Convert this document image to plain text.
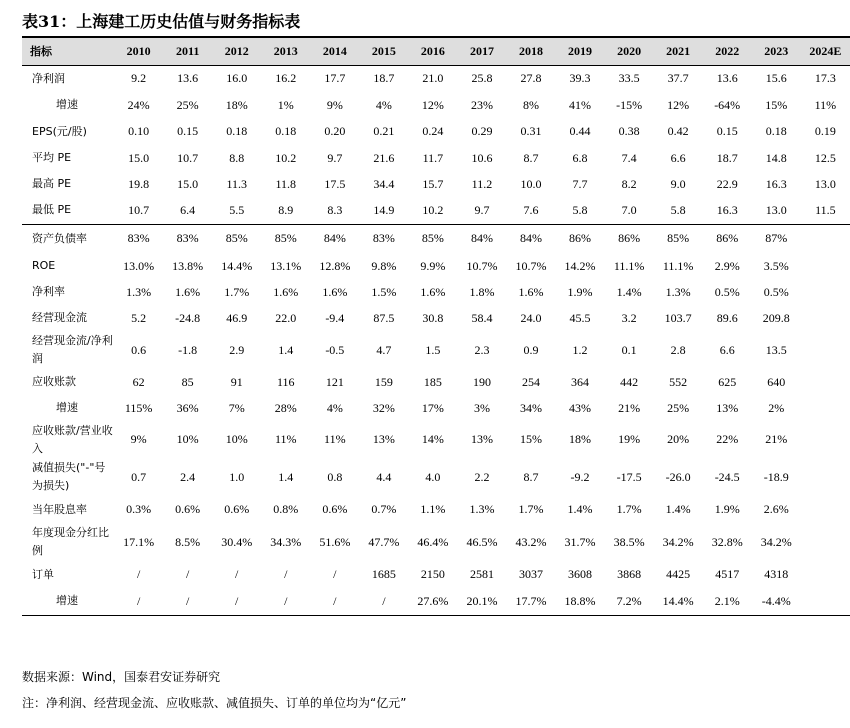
表31：上海建工历史估值与财务指标表
指标	2010	2011	2012	2013	2014	2015	2016	2017	2018	2019	2020	2021	2022	2023	2024E
净利润	9.2	13.6	16.0	16.2	17.7	18.7	21.0	25.8	27.8	39.3	33.5	37.7	13.6	15.6	17.3
增速	24%	25%	18%	1%	9%	4%	12%	23%	8%	41%	-15%	12%	-64%	15%	11%
EPS(元/股)	0.10	0.15	0.18	0.18	0.20	0.21	0.24	0.29	0.31	0.44	0.38	0.42	0.15	0.18	0.19
平均 PE	15.0	10.7	8.8	10.2	9.7	21.6	11.7	10.6	8.7	6.8	7.4	6.6	18.7	14.8	12.5
最高 PE	19.8	15.0	11.3	11.8	17.5	34.4	15.7	11.2	10.0	7.7	8.2	9.0	22.9	16.3	13.0
最低 PE	10.7	6.4	5.5	8.9	8.3	14.9	10.2	9.7	7.6	5.8	7.0	5.8	16.3	13.0	11.5
资产负债率	83%	83%	85%	85%	84%	83%	85%	84%	84%	86%	86%	85%	86%	87%	
ROE	13.0%	13.8%	14.4%	13.1%	12.8%	9.8%	9.9%	10.7%	10.7%	14.2%	11.1%	11.1%	2.9%	3.5%	
净利率	1.3%	1.6%	1.7%	1.6%	1.6%	1.5%	1.6%	1.8%	1.6%	1.9%	1.4%	1.3%	0.5%	0.5%	
经营现金流	5.2	-24.8	46.9	22.0	-9.4	87.5	30.8	58.4	24.0	45.5	3.2	103.7	89.6	209.8	
经营现金流/净利润	0.6	-1.8	2.9	1.4	-0.5	4.7	1.5	2.3	0.9	1.2	0.1	2.8	6.6	13.5	
应收账款	62	85	91	116	121	159	185	190	254	364	442	552	625	640	
增速	115%	36%	7%	28%	4%	32%	17%	3%	34%	43%	21%	25%	13%	2%	
应收账款/营业收入	9%	10%	10%	11%	11%	13%	14%	13%	15%	18%	19%	20%	22%	21%	
减值损失("-"号为损失)	0.7	2.4	1.0	1.4	0.8	4.4	4.0	2.2	8.7	-9.2	-17.5	-26.0	-24.5	-18.9	
当年股息率	0.3%	0.6%	0.6%	0.8%	0.6%	0.7%	1.1%	1.3%	1.7%	1.4%	1.7%	1.4%	1.9%	2.6%	
年度现金分红比例	17.1%	8.5%	30.4%	34.3%	51.6%	47.7%	46.4%	46.5%	43.2%	31.7%	38.5%	34.2%	32.8%	34.2%	
订单	/	/	/	/	/	1685	2150	2581	3037	3608	3868	4425	4517	4318	
增速	/	/	/	/	/	/	27.6%	20.1%	17.7%	18.8%	7.2%	14.4%	2.1%	-4.4%	
数据来源：Wind，国泰君安证券研究
注：净利润、经营现金流、应收账款、减值损失、订单的单位均为“亿元”
